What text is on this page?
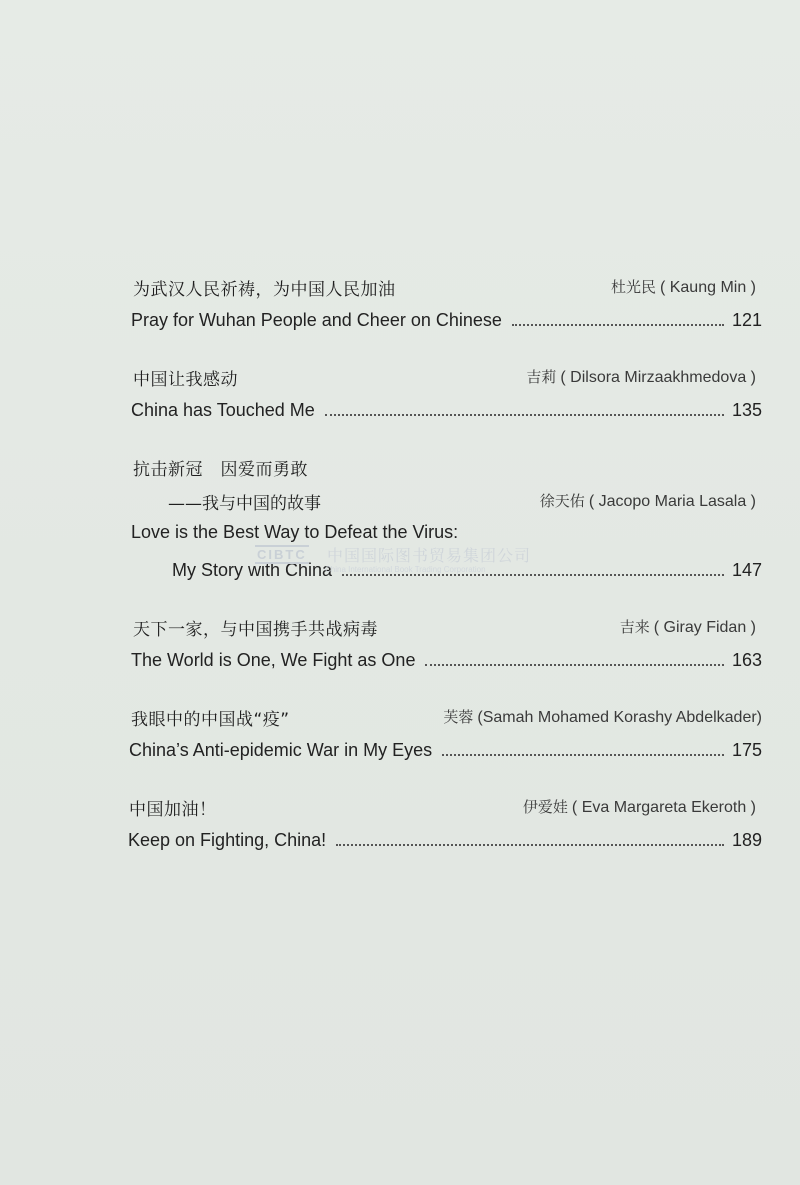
为武汉人民祈祷，为中国人民加油	杜光民 ( Kaung Min )
Pray for Wuhan People and Cheer on Chinese	121
中国让我感动	吉莉 ( Dilsora Mirzaakhmedova )
China has Touched Me	135
抗击新冠　因爱而勇敢
——我与中国的故事	徐天佑 ( Jacopo Maria Lasala )
Love is the Best Way to Defeat the Virus:
My Story with China	147
天下一家，与中国携手共战病毒	吉来 ( Giray Fidan )
The World is One, We Fight as One	163
我眼中的中国战“疫”	芙蓉 (Samah Mohamed Korashy Abdelkader)
China’s Anti-epidemic War in My Eyes	175
中国加油！	伊爱娃 ( Eva Margareta Ekeroth )
Keep on Fighting, China!	189
CIBTC 中国国际图书贸易集团公司
China International Book Trading Corporation
